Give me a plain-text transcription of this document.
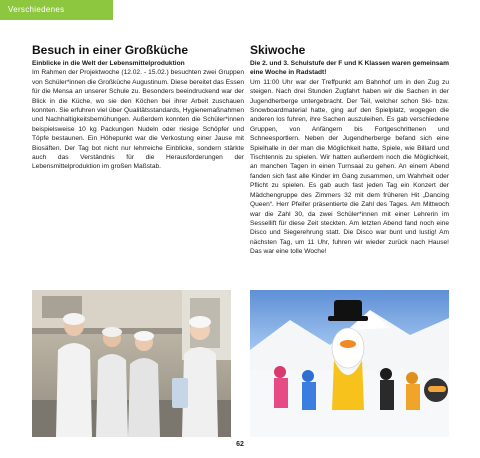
Verschiedenes
Besuch in einer Großküche
Einblicke in die Welt der Lebensmittelproduktion

Im Rahmen der Projektwoche (12.02. - 15.02.) besuchten zwei Gruppen von Schüler*innen die Großküche Augustinum. Diese bereitet das Essen für die Mensa an unserer Schule zu. Besonders beeindruckend war der Blick in die Küche, wo sie den Köchen bei ihrer Arbeit zuschauen konnten. Sie erfuhren viel über Qualitätsstandards, Hygienemaßnahmen und Nachhaltigkeitsbemühungen. Außerdem konnten die Schüler*innen beispielsweise 10 kg Packungen Nudeln oder riesige Schöpfer und Töpfe bestaunen. Ein Höhepunkt war die Verkostung einer Jause mit Biosäften. Der Tag bot nicht nur lehrreiche Einblicke, sondern stärkte auch das Verständnis für die Herausforderungen der Lebensmittelproduktion im großen Maßstab.

Skiwoche
Die 2. und 3. Schulstufe der F und K Klassen waren gemeinsam eine Woche in Radstadt!

Um 11:00 Uhr war der Treffpunkt am Bahnhof um in den Zug zu steigen. Nach drei Stunden Zugfahrt haben wir die Sachen in der Jugendherberge untergebracht. Der Teil, welcher schon Ski- bzw. Snowboardmaterial hatte, ging auf den Spielplatz, wogegen die anderen los fuhren, ihre Sachen auszuleihen. Es gab verschiedene Gruppen, von Anfängern bis Fortgeschrittenen und Schneesportlern. Neben der Jugendherberge befand sich eine Spielhalle in der man die Möglichkeit hatte, Spiele, wie Billard und Tischtennis zu spielen. Wir hatten außerdem noch die Möglichkeit, an manchen Tagen in einen Turnsaal zu gehen. An einem Abend fanden sich fast alle Kinder im Gang zusammen, um Wahrheit oder Pflicht zu spielen. Es gab auch fast jeden Tag ein Konzert der Mädchengruppe des Zimmers 32 mit dem früheren Hit „Dancing Queen“. Herr Pfeifer präsentierte die Zahl des Tages. Am Mittwoch war die Zahl 30, da zwei Schüler*innen mit einer Lehrerin im Sessellift für diese Zeit steckten. Am letzten Abend fand noch eine Disco und Siegerehrung statt. Die Disco war bunt und lustig! Am nächsten Tag, um 11 Uhr, fuhren wir wieder zurück nach Hause! Das war eine tolle Woche!

62
